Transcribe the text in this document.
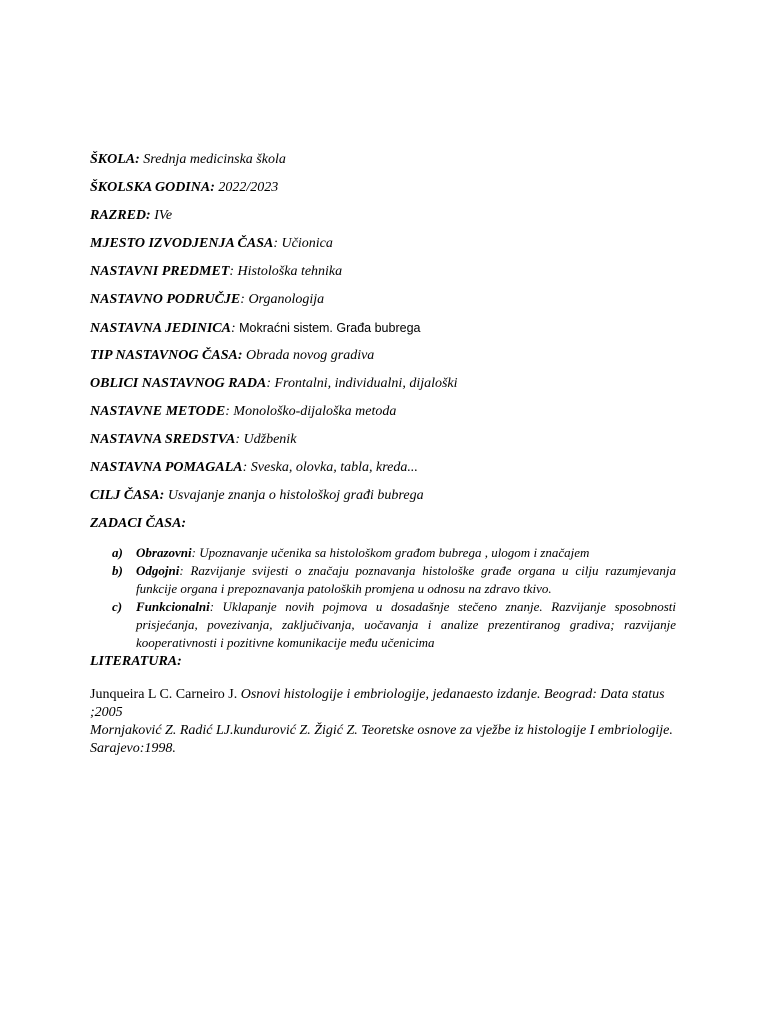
ŠKOLA: Srednja medicinska škola
ŠKOLSKA GODINA: 2022/2023
RAZRED: IVe
MJESTO IZVODJENJA ČASA: Učionica
NASTAVNI PREDMET: Histološka tehnika
NASTAVNO PODRUČJE: Organologija
NASTAVNA JEDINICA: Mokraćni sistem. Građa bubrega
TIP NASTAVNOG ČASA: Obrada novog gradiva
OBLICI NASTAVNOG RADA: Frontalni, individualni, dijaloški
NASTAVNE METODE: Monološko-dijaloška metoda
NASTAVNA SREDSTVA: Udžbenik
NASTAVNA POMAGALA: Sveska, olovka, tabla, kreda...
CILJ ČASA: Usvajanje znanja o histološkoj građi bubrega
ZADACI ČASA:
a)	Obrazovni: Upoznavanje učenika sa histološkom građom bubrega , ulogom i značajem
b)	Odgojni: Razvijanje svijesti o značaju poznavanja histološke građe organa u cilju razumjevanja funkcije organa i prepoznavanja patoloških promjena u odnosu na zdravo tkivo.
c)	Funkcionalni: Uklapanje novih pojmova u dosadašnje stečeno znanje. Razvijanje sposobnosti prisjećanja, povezivanja, zaključivanja, uočavanja i analize prezentiranog gradiva; razvijanje kooperativnosti i pozitivne komunikacije među učenicima
LITERATURA:
Junqueira L C. Carneiro J. Osnovi histologije i embriologije, jedanaesto izdanje. Beograd: Data status ;2005
Mornjaković Z. Radić LJ.kundurović Z. Žigić Z. Teoretske osnove za vježbe iz histologije I embriologije. Sarajevo:1998.
